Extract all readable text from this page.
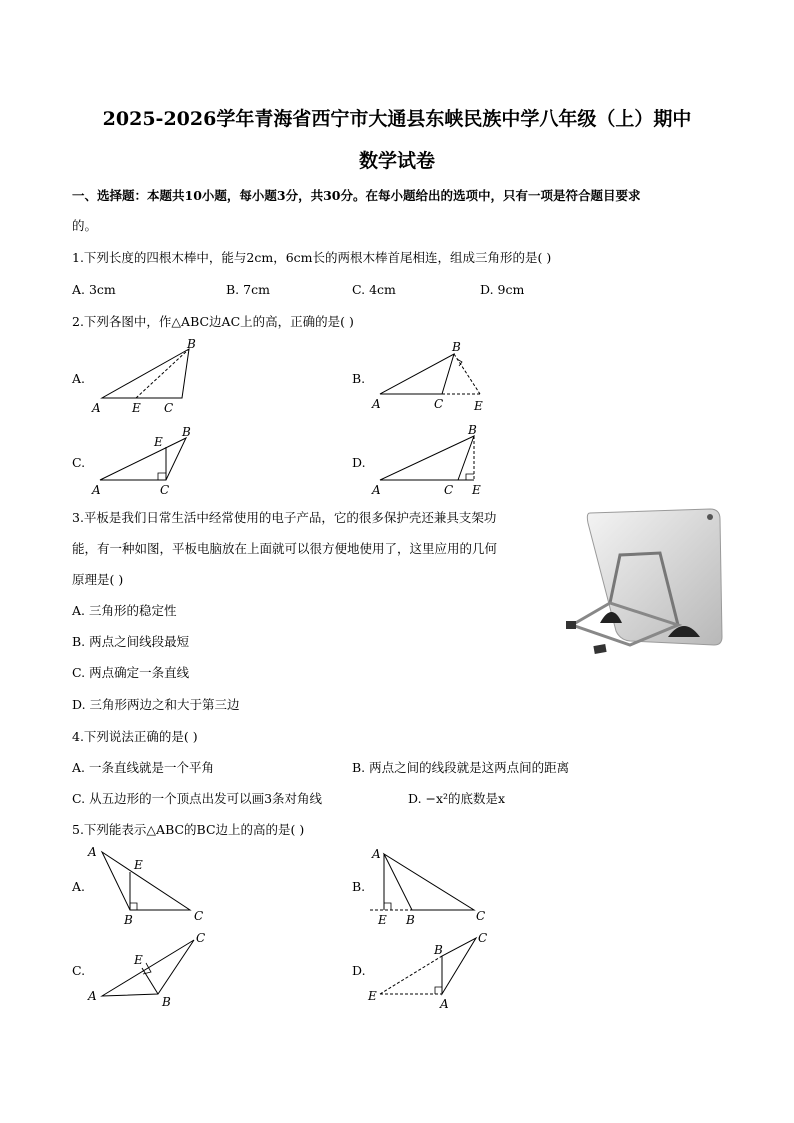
2025-2026学年青海省西宁市大通县东峡民族中学八年级（上）期中
数学试卷
一、选择题：本题共10小题，每小题3分，共30分。在每小题给出的选项中，只有一项是符合题目要求
的。
1.下列长度的四根木棒中，能与2cm，6cm长的两根木棒首尾相连，组成三角形的是( )
A. 3cm	B. 7cm	C. 4cm	D. 9cm
2.下列各图中，作△ABC边AC上的高，正确的是( )
A.
A	E C
B
B.
A	C	E
B
C.
A	C
E
B
D.
A	C E
B
3.平板是我们日常生活中经常使用的电子产品，它的很多保护壳还兼具支架功
能，有一种如图，平板电脑放在上面就可以很方便地使用了，这里应用的几何
原理是( )
A. 三角形的稳定性
B. 两点之间线段最短
C. 两点确定一条直线
D. 三角形两边之和大于第三边
4.下列说法正确的是( )
A. 一条直线就是一个平角	B. 两点之间的线段就是这两点间的距离
C. 从五边形的一个顶点出发可以画3条对角线	D. −x²的底数是x
5.下列能表示△ABC的BC边上的高的是( )
A.
A
E
B	C
B.
A
E B	C
C.
A
E
B
C
D.
E
B
A
C
